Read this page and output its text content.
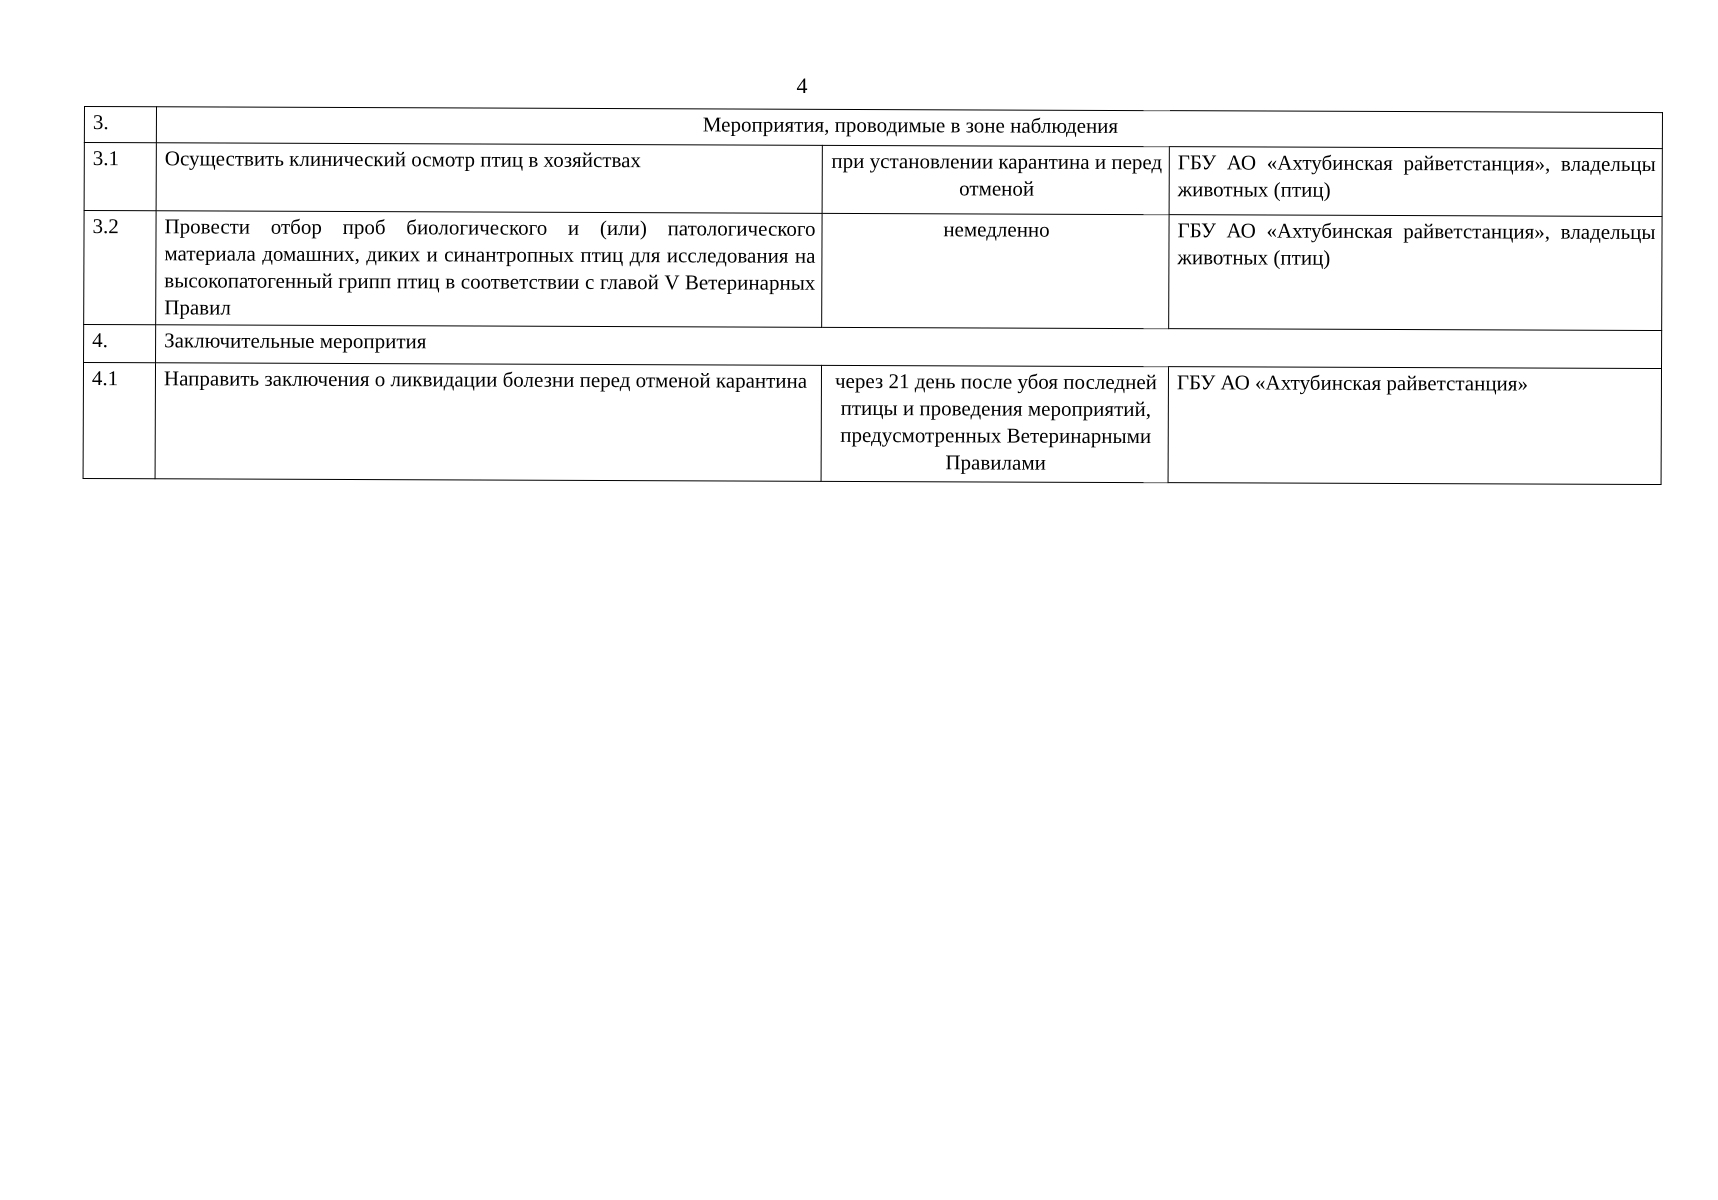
4
3.	Мероприятия, проводимые в зоне наблюдения		
3.1	Осуществить клинический осмотр птиц в хозяйствах	при установлении карантина и перед отменой	ГБУ АО «Ахтубинская райветстанция», владельцы животных (птиц)
3.2	Провести отбор проб биологического и (или) патологического материала домашних, диких и синантропных птиц для исследования на высокопатогенный грипп птиц в соответствии с главой V Ветеринарных Правил	немедленно	ГБУ АО «Ахтубинская райветстанция», владельцы животных (птиц)
4.	Заключительные меропрития		
4.1	Направить заключения о ликвидации болезни перед отменой карантина	через 21 день после убоя последней птицы и проведения мероприятий, предусмотренных Ветеринарными Правилами	ГБУ АО «Ахтубинская райветстанция»
